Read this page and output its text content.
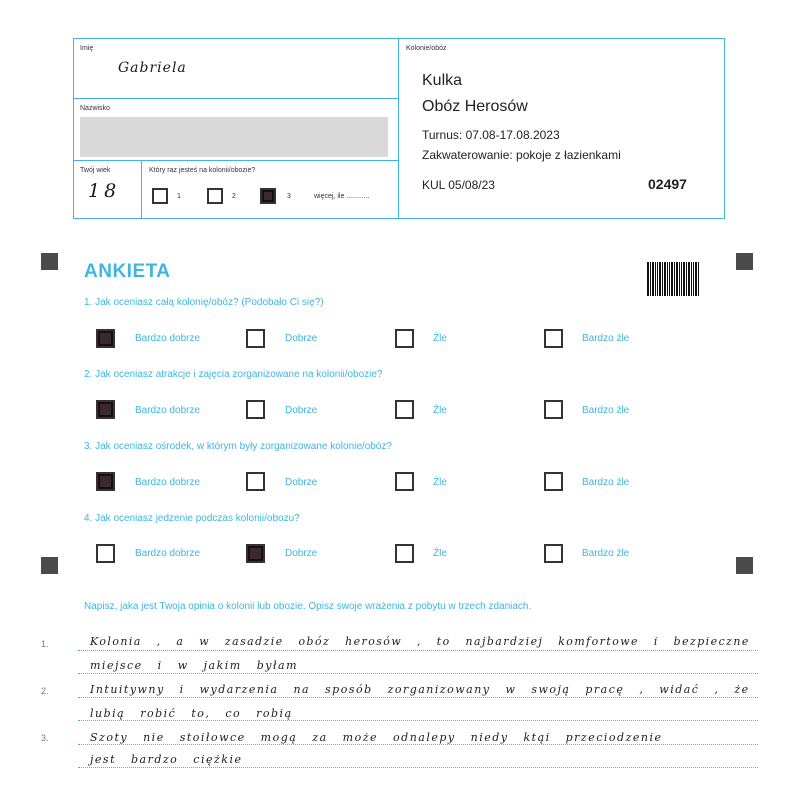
Imię
Gabriela
Nazwisko
Twój wiek
18
Który raz jesteś na kolonii/obozie?
1	2	3	więcej, ile ............
Kolonie/obóz
Kulka
Obóz Herosów
Turnus: 07.08-17.08.2023
Zakwaterowanie: pokoje z łazienkami
KUL 05/08/23	02497
ANKIETA
1. Jak oceniasz całą kolonię/obóz? (Podobało Ci się?)
Bardzo dobrze	Dobrze	Źle	Bardzo źle
2. Jak oceniasz atrakcje i zajęcia zorganizowane na kolonii/obozie?
Bardzo dobrze	Dobrze	Źle	Bardzo źle
3. Jak oceniasz ośrodek, w którym były zorganizowane kolonie/obóz?
Bardzo dobrze	Dobrze	Źle	Bardzo źle
4. Jak oceniasz jedzenie podczas kolonii/obozu?
Bardzo dobrze	Dobrze	Źle	Bardzo źle
Napisz, jaka jest Twoja opinia o kolonii lub obozie. Opisz swoje wrażenia z pobytu w trzech zdaniach.
1.
2.
3.
Kolonia , a w zasadzie obóz herosów , to najbardziej komfortowe i bezpieczne
miejsce i w jakim byłam
Intuitywny i wydarzenia na sposób zorganizowany w swoją pracę , widać , że
lubią robić to, co robią
Szoty nie stoiłowce mogą za może odnalepy niedy ktąi przeciodzenie
jest bardzo ciężkie
